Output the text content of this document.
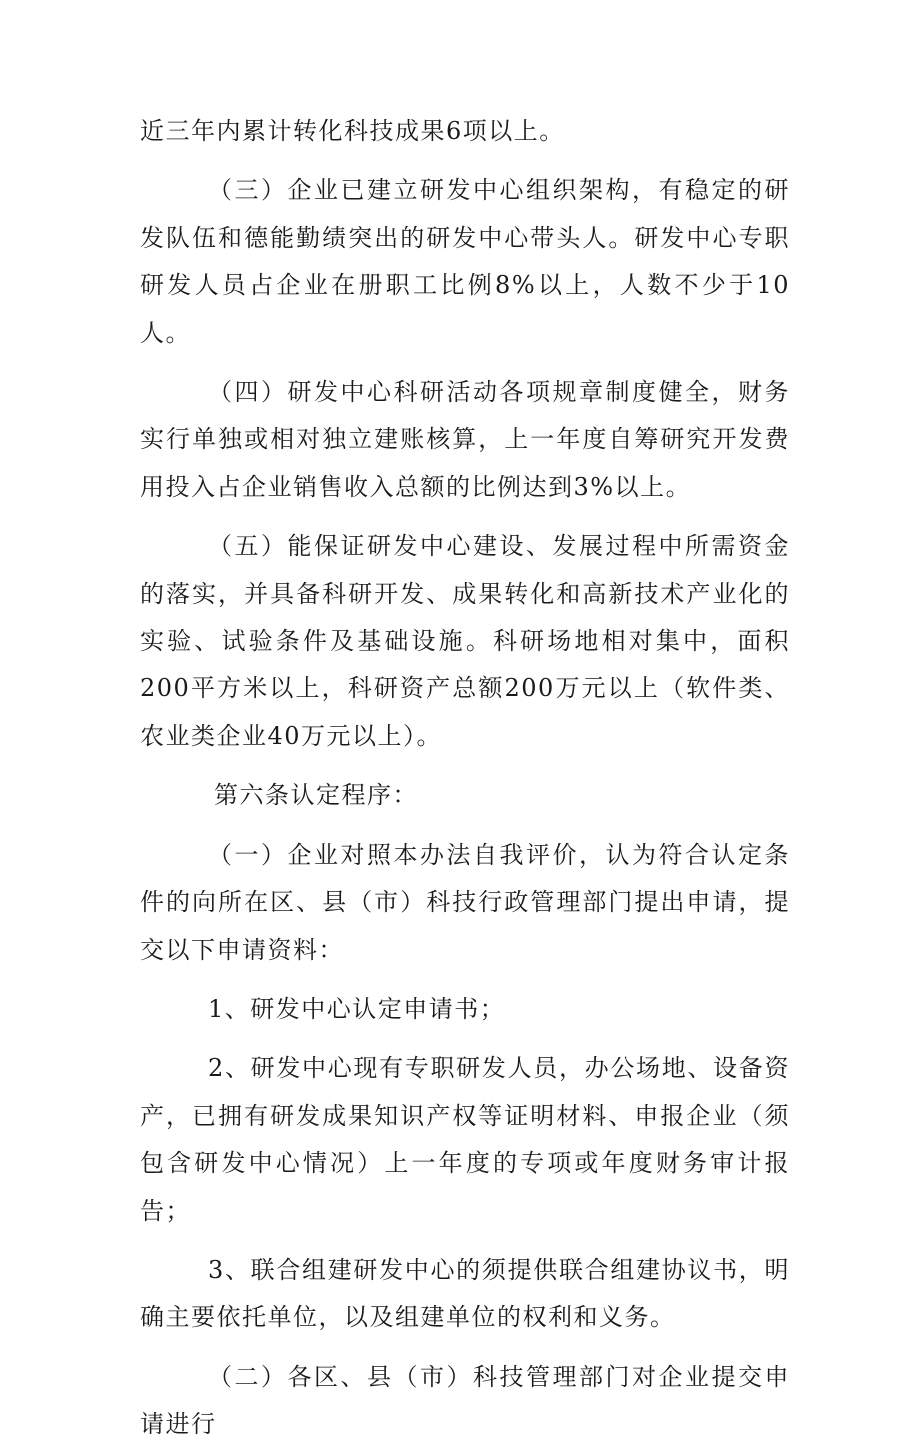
近三年内累计转化科技成果6项以上。

（三）企业已建立研发中心组织架构，有稳定的研发队伍和德能勤绩突出的研发中心带头人。研发中心专职研发人员占企业在册职工比例8%以上，人数不少于10人。

（四）研发中心科研活动各项规章制度健全，财务实行单独或相对独立建账核算，上一年度自筹研究开发费用投入占企业销售收入总额的比例达到3%以上。

（五）能保证研发中心建设、发展过程中所需资金的落实，并具备科研开发、成果转化和高新技术产业化的实验、试验条件及基础设施。科研场地相对集中，面积200平方米以上，科研资产总额200万元以上（软件类、农业类企业40万元以上）。

第六条认定程序：

（一）企业对照本办法自我评价，认为符合认定条件的向所在区、县（市）科技行政管理部门提出申请，提交以下申请资料：

1、研发中心认定申请书；

2、研发中心现有专职研发人员，办公场地、设备资产，已拥有研发成果知识产权等证明材料、申报企业（须包含研发中心情况）上一年度的专项或年度财务审计报告；

3、联合组建研发中心的须提供联合组建协议书，明确主要依托单位，以及组建单位的权利和义务。

（二）各区、县（市）科技管理部门对企业提交申请进行
